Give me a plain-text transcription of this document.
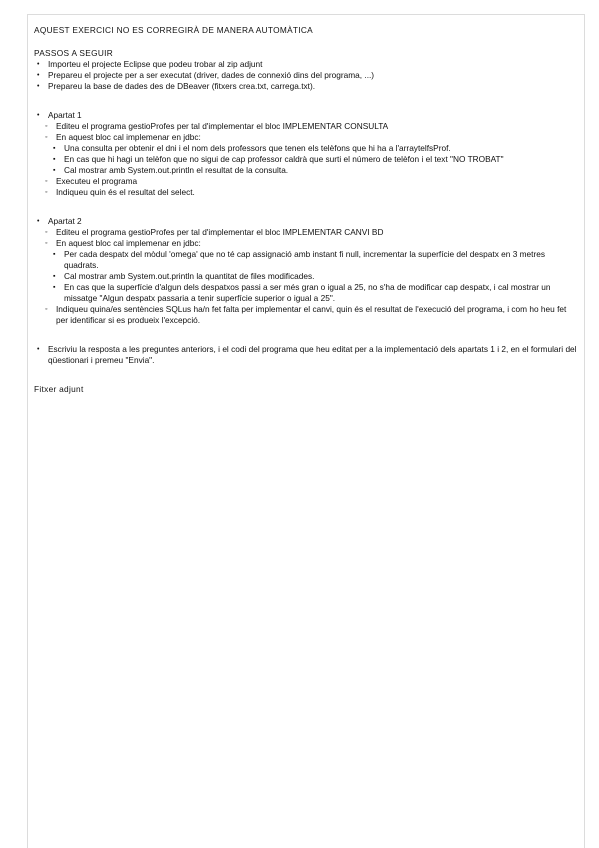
AQUEST EXERCICI NO ES CORREGIRÀ DE MANERA AUTOMÀTICA

PASSOS A SEGUIR

• Importeu el projecte Eclipse que podeu trobar al zip adjunt
• Prepareu el projecte per a ser executat (driver, dades de connexió dins del programa, ...)
• Prepareu la base de dades des de DBeaver (fitxers crea.txt, carrega.txt).
• Apartat 1
◦ Editeu el programa gestioProfes per tal d'implementar el bloc IMPLEMENTAR CONSULTA
◦ En aquest bloc cal implemenar en jdbc:
▪ Una consulta per obtenir el dni i el nom dels professors que tenen els telèfons que hi ha a l'arraytelfsProf.
▪ En cas que hi hagi un telèfon que no sigui de cap professor caldrà que surti el número de telèfon i el text "NO TROBAT"
▪ Cal mostrar amb System.out.println el resultat de la consulta.
◦ Executeu el programa
◦ Indiqueu quin és el resultat del select.
• Apartat 2
◦ Editeu el programa gestioProfes per tal d'implementar el bloc IMPLEMENTAR CANVI BD
◦ En aquest bloc cal implemenar en jdbc:
▪ Per cada despatx del mòdul 'omega' que no té cap assignació amb instant fi null, incrementar la superfície del despatx en 3 metres quadrats.
▪ Cal mostrar amb System.out.println la quantitat de files modificades.
▪ En cas que la superfície d'algun dels despatxos passi a ser més gran o igual a 25, no s'ha de modificar cap despatx, i cal mostrar un missatge "Algun despatx passaria a tenir superfície superior o igual a 25".
◦ Indiqueu quina/es sentències SQLus ha/n fet falta per implementar el canvi, quin és el resultat de l'execució del programa, i com ho heu fet per identificar si es produeix l'excepció.
• Escriviu la resposta a les preguntes anteriors, i el codi del programa que heu editat per a la implementació dels apartats 1 i 2, en el formulari del qüestionari i premeu "Envia".

Fitxer adjunt
